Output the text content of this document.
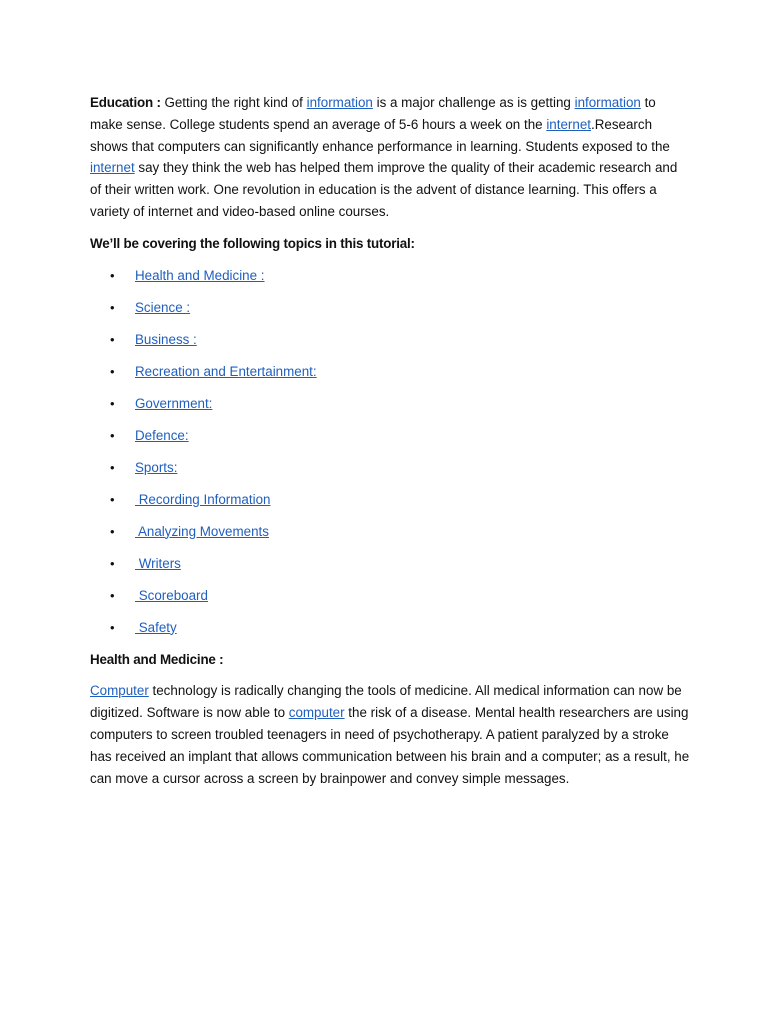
Education : Getting the right kind of information is a major challenge as is getting information to make sense. College students spend an average of 5-6 hours a week on the internet.Research shows that computers can significantly enhance performance in learning. Students exposed to the internet say they think the web has helped them improve the quality of their academic research and of their written work. One revolution in education is the advent of distance learning. This offers a variety of internet and video-based online courses.

We’ll be covering the following topics in this tutorial:

• Health and Medicine :
• Science :
• Business :
• Recreation and Entertainment:
• Government:
• Defence:
• Sports:
• Recording Information
• Analyzing Movements
• Writers
• Scoreboard
• Safety

Health and Medicine :

Computer technology is radically changing the tools of medicine. All medical information can now be digitized. Software is now able to computer the risk of a disease. Mental health researchers are using computers to screen troubled teenagers in need of psychotherapy. A patient paralyzed by a stroke has received an implant that allows communication between his brain and a computer; as a result, he can move a cursor across a screen by brainpower and convey simple messages.
